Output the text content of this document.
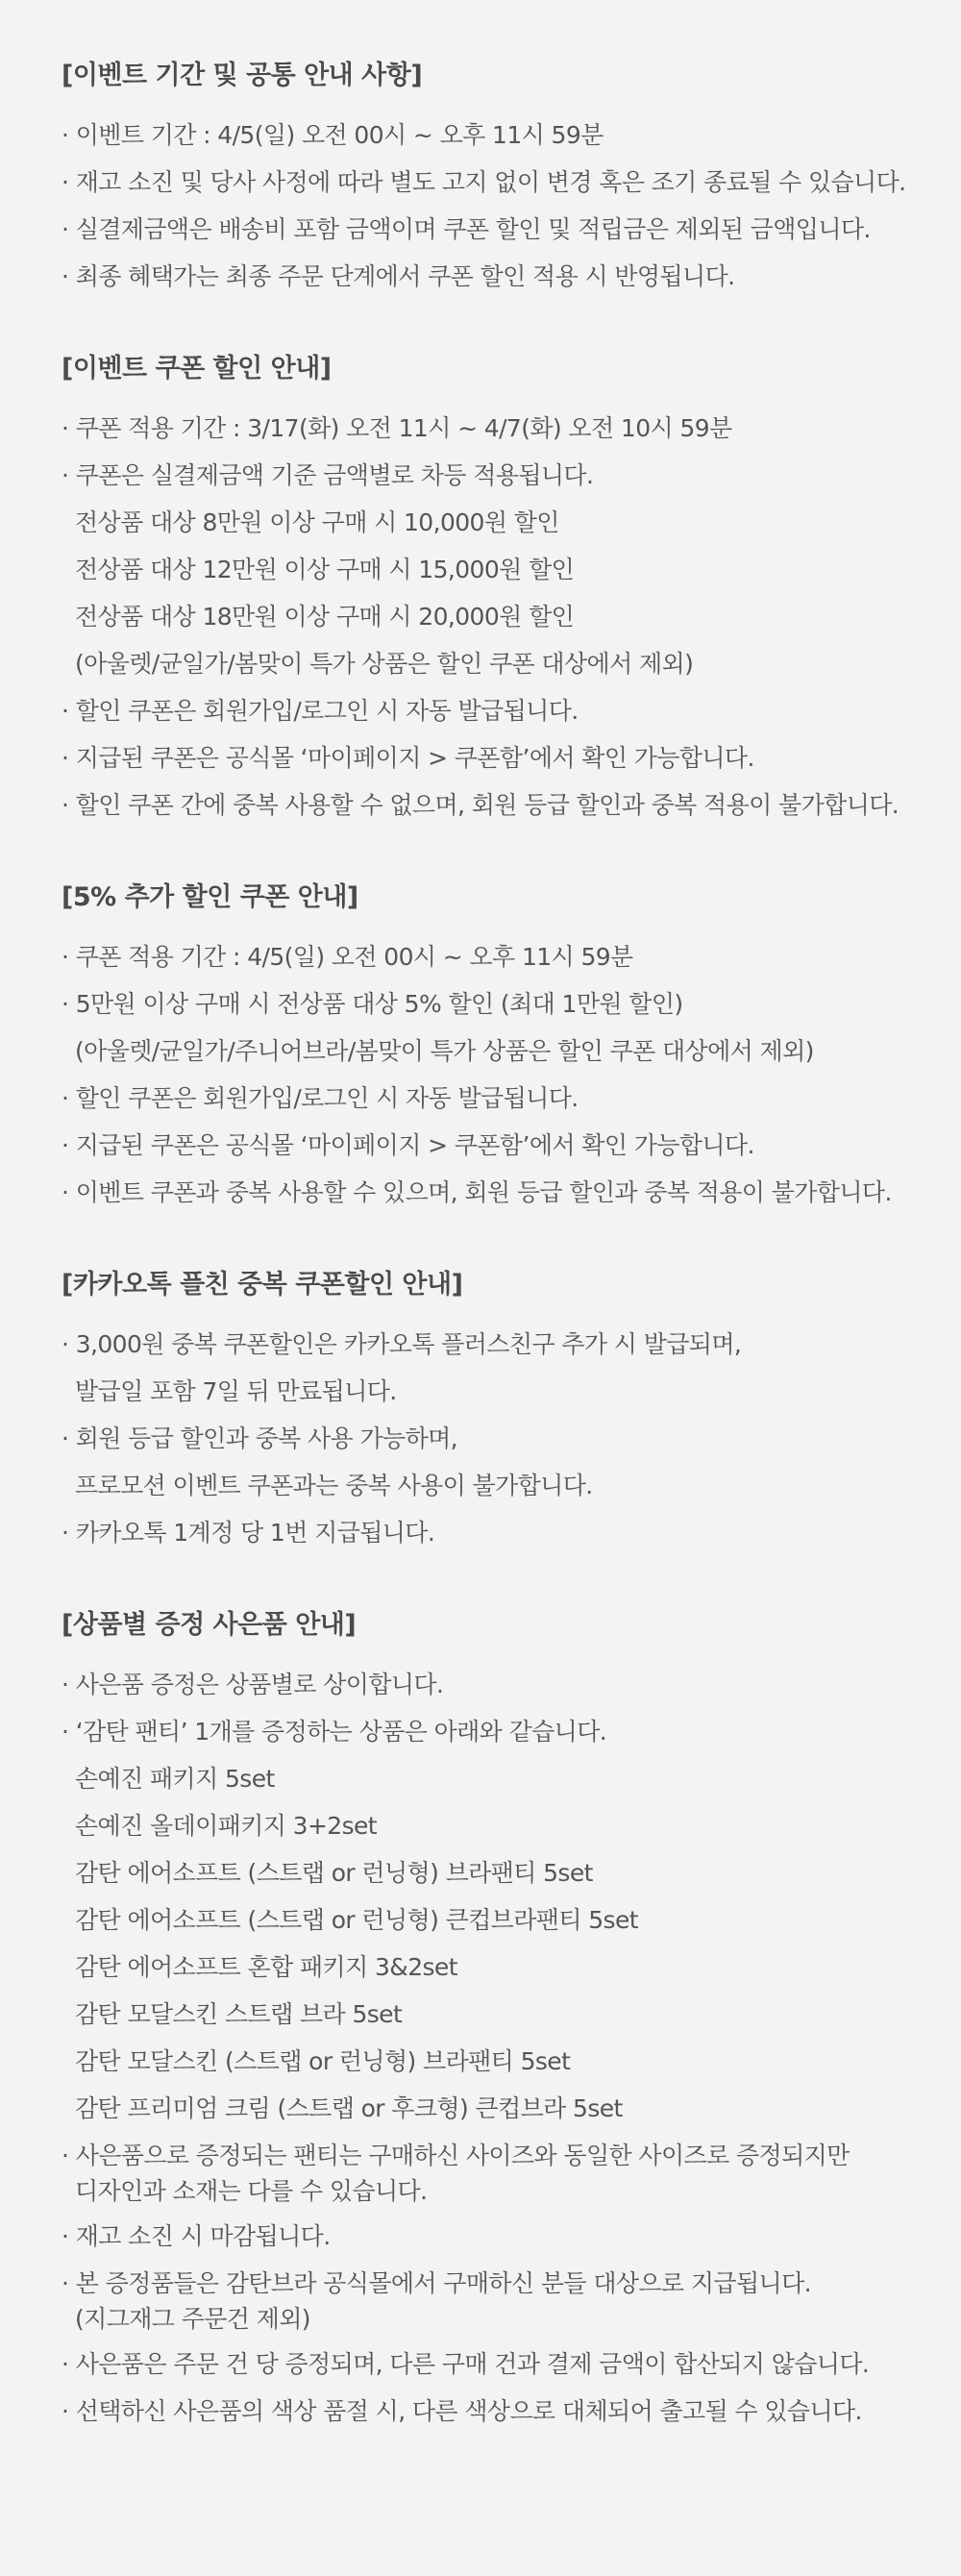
[이벤트 기간 및 공통 안내 사항]
· 이벤트 기간 : 4/5(일) 오전 00시 ~ 오후 11시 59분
· 재고 소진 및 당사 사정에 따라 별도 고지 없이 변경 혹은 조기 종료될 수 있습니다.
· 실결제금액은 배송비 포함 금액이며 쿠폰 할인 및 적립금은 제외된 금액입니다.
· 최종 혜택가는 최종 주문 단계에서 쿠폰 할인 적용 시 반영됩니다.
[이벤트 쿠폰 할인 안내]
· 쿠폰 적용 기간 : 3/17(화) 오전 11시 ~ 4/7(화) 오전 10시 59분
· 쿠폰은 실결제금액 기준 금액별로 차등 적용됩니다.
전상품 대상 8만원 이상 구매 시 10,000원 할인
전상품 대상 12만원 이상 구매 시 15,000원 할인
전상품 대상 18만원 이상 구매 시 20,000원 할인
(아울렛/균일가/봄맞이 특가 상품은 할인 쿠폰 대상에서 제외)
· 할인 쿠폰은 회원가입/로그인 시 자동 발급됩니다.
· 지급된 쿠폰은 공식몰 ‘마이페이지 > 쿠폰함’에서 확인 가능합니다.
· 할인 쿠폰 간에 중복 사용할 수 없으며, 회원 등급 할인과 중복 적용이 불가합니다.
[5% 추가 할인 쿠폰 안내]
· 쿠폰 적용 기간 : 4/5(일) 오전 00시 ~ 오후 11시 59분
· 5만원 이상 구매 시 전상품 대상 5% 할인 (최대 1만원 할인)
(아울렛/균일가/주니어브라/봄맞이 특가 상품은 할인 쿠폰 대상에서 제외)
· 할인 쿠폰은 회원가입/로그인 시 자동 발급됩니다.
· 지급된 쿠폰은 공식몰 ‘마이페이지 > 쿠폰함’에서 확인 가능합니다.
· 이벤트 쿠폰과 중복 사용할 수 있으며, 회원 등급 할인과 중복 적용이 불가합니다.
[카카오톡 플친 중복 쿠폰할인 안내]
· 3,000원 중복 쿠폰할인은 카카오톡 플러스친구 추가 시 발급되며,
발급일 포함 7일 뒤 만료됩니다.
· 회원 등급 할인과 중복 사용 가능하며,
프로모션 이벤트 쿠폰과는 중복 사용이 불가합니다.
· 카카오톡 1계정 당 1번 지급됩니다.
[상품별 증정 사은품 안내]
· 사은품 증정은 상품별로 상이합니다.
· ‘감탄 팬티’ 1개를 증정하는 상품은 아래와 같습니다.
손예진 패키지 5set
손예진 올데이패키지 3+2set
감탄 에어소프트 (스트랩 or 런닝형) 브라팬티 5set
감탄 에어소프트 (스트랩 or 런닝형) 큰컵브라팬티 5set
감탄 에어소프트 혼합 패키지 3&2set
감탄 모달스킨 스트랩 브라 5set
감탄 모달스킨 (스트랩 or 런닝형) 브라팬티 5set
감탄 프리미엄 크림 (스트랩 or 후크형) 큰컵브라 5set
· 사은품으로 증정되는 팬티는 구매하신 사이즈와 동일한 사이즈로 증정되지만
디자인과 소재는 다를 수 있습니다.
· 재고 소진 시 마감됩니다.
· 본 증정품들은 감탄브라 공식몰에서 구매하신 분들 대상으로 지급됩니다.
(지그재그 주문건 제외)
· 사은품은 주문 건 당 증정되며, 다른 구매 건과 결제 금액이 합산되지 않습니다.
· 선택하신 사은품의 색상 품절 시, 다른 색상으로 대체되어 출고될 수 있습니다.
